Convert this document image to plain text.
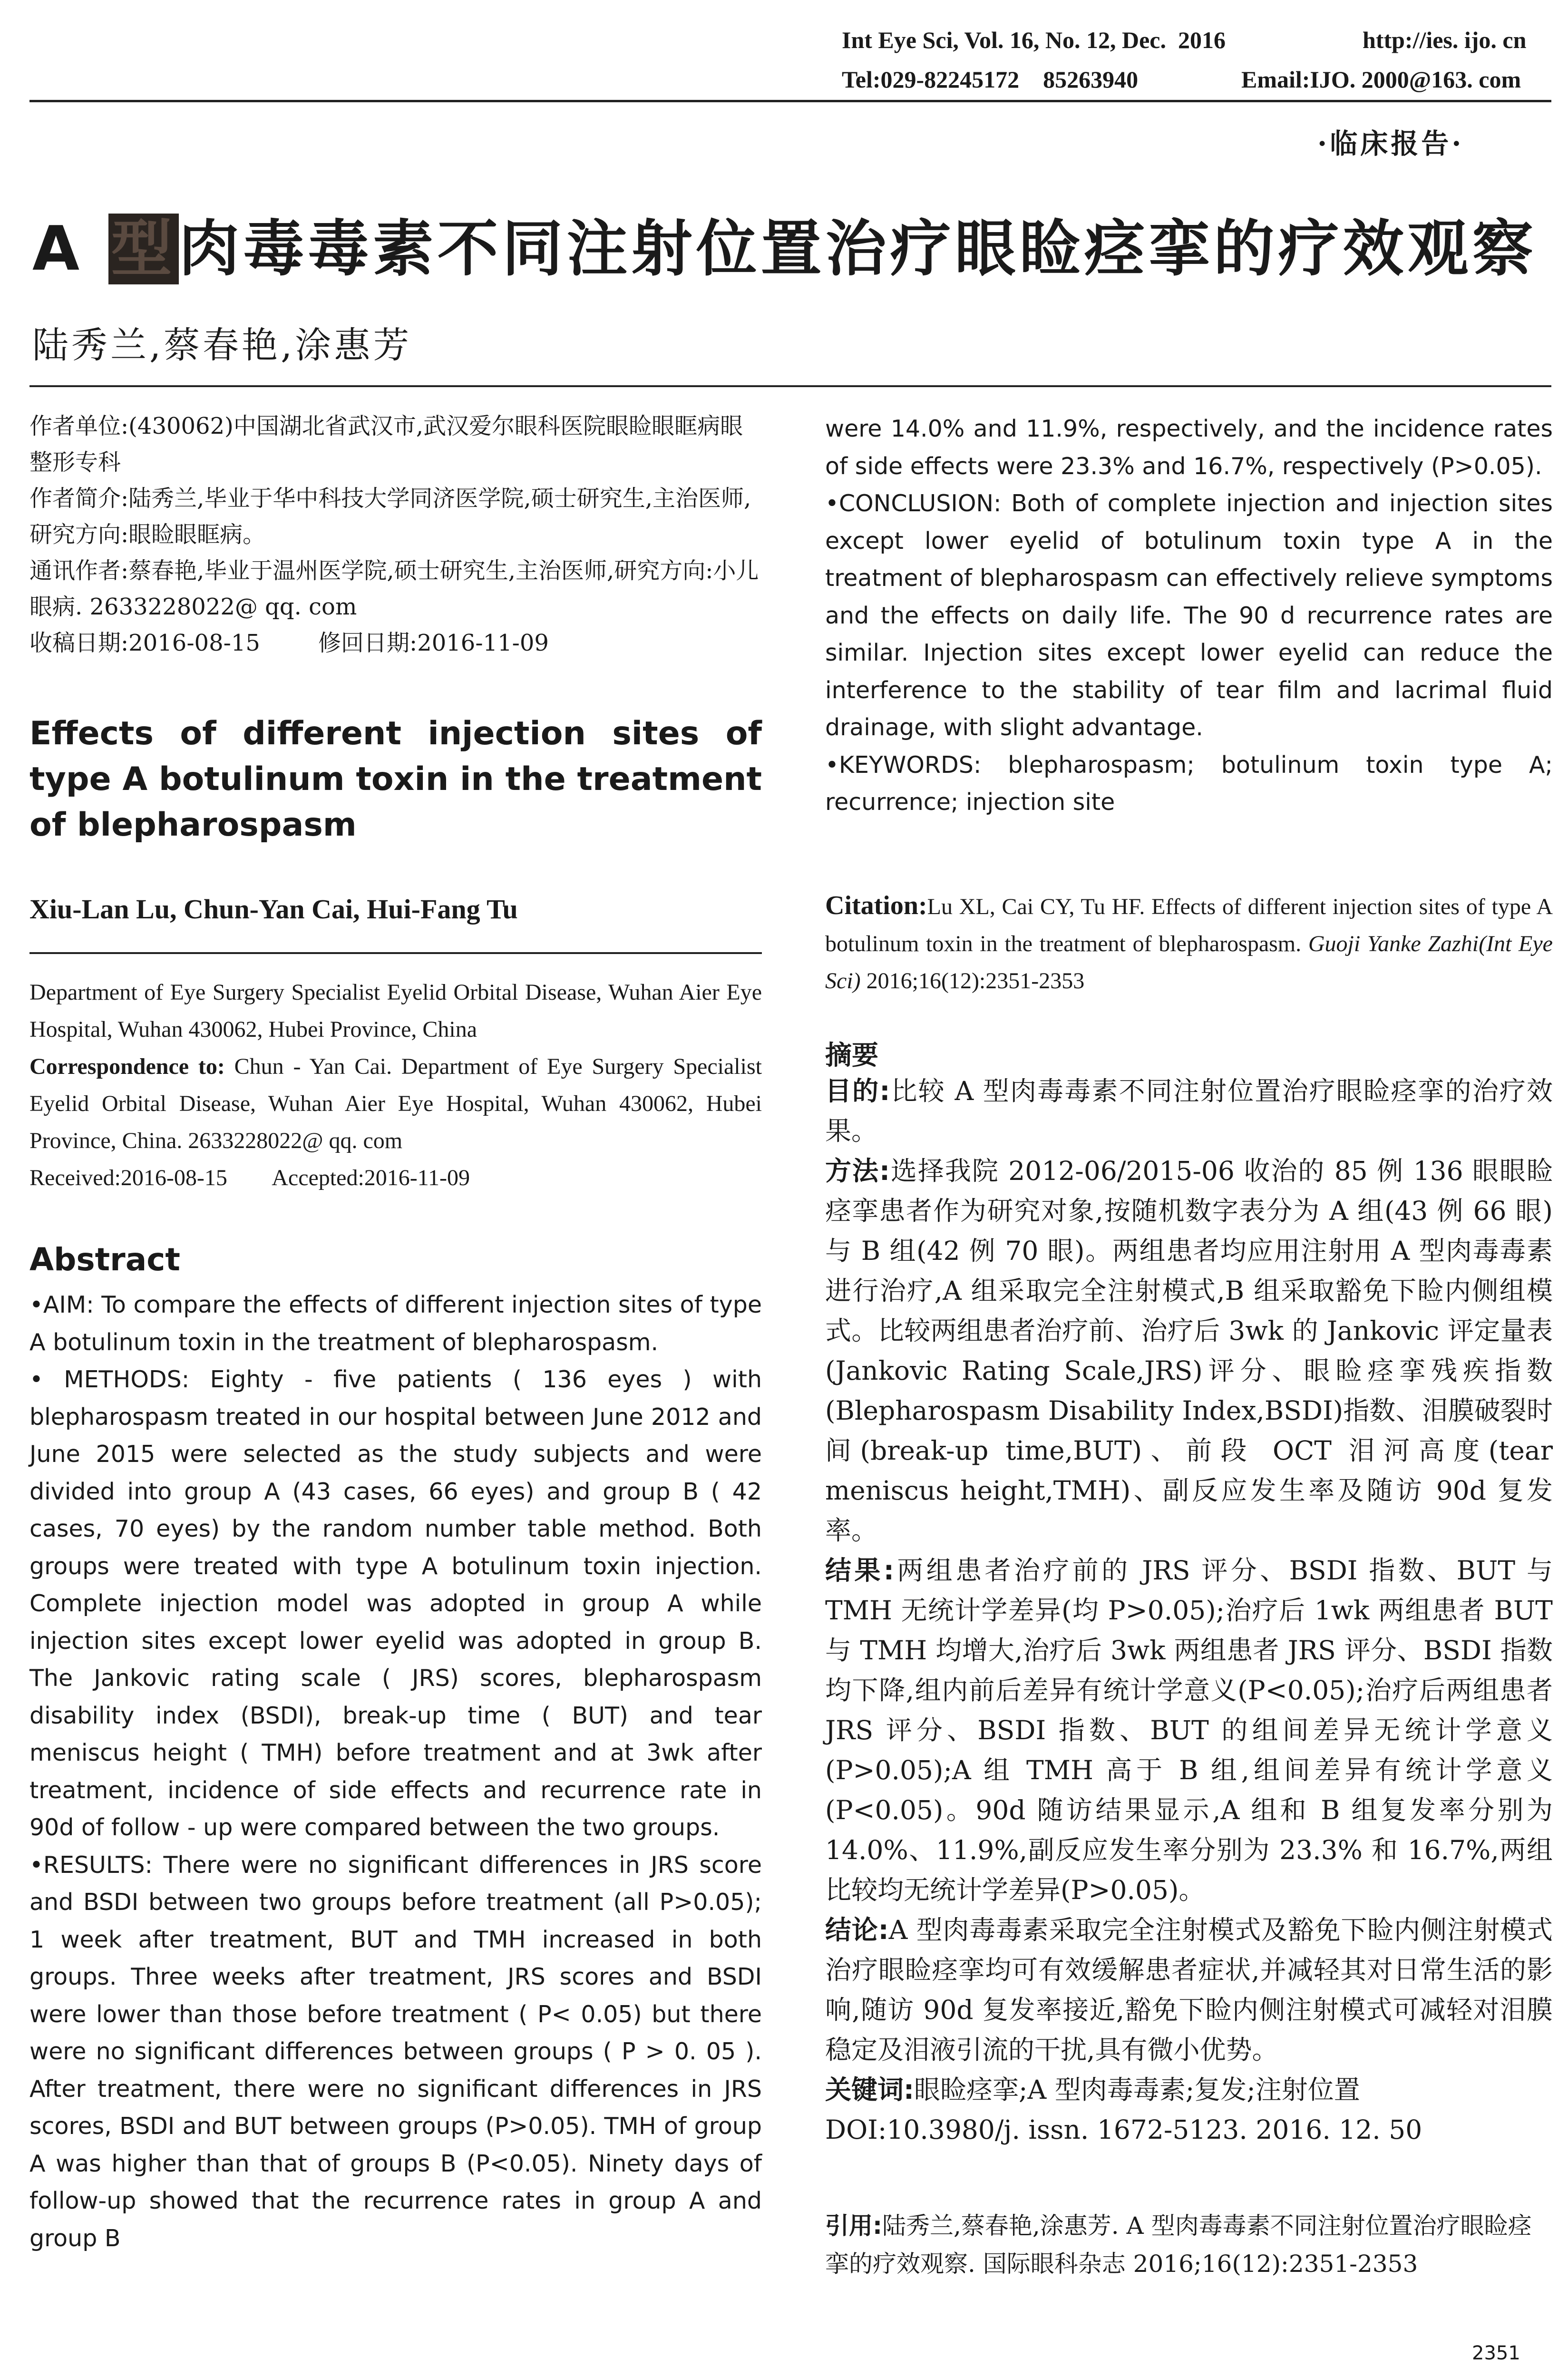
Int Eye Sci, Vol. 16, No. 12, Dec.  2016	http://ies. ijo. cn
Tel:029-82245172    85263940	Email:IJO. 2000@163. com
·临床报告·
A 型肉毒毒素不同注射位置治疗眼睑痉挛的疗效观察
陆秀兰,蔡春艳,涂惠芳
作者单位:(430062)中国湖北省武汉市,武汉爱尔眼科医院眼睑眼眶病眼整形专科
作者简介:陆秀兰,毕业于华中科技大学同济医学院,硕士研究生,主治医师,研究方向:眼睑眼眶病。
通讯作者:蔡春艳,毕业于温州医学院,硕士研究生,主治医师,研究方向:小儿眼病. 2633228022@ qq. com
收稿日期:2016-08-15        修回日期:2016-11-09
Effects of different injection sites of type A botulinum toxin in the treatment of blepharospasm
Xiu-Lan Lu, Chun-Yan Cai, Hui-Fang Tu
Department of Eye Surgery Specialist Eyelid Orbital Disease, Wuhan Aier Eye Hospital, Wuhan 430062, Hubei Province, China
Correspondence to: Chun - Yan Cai. Department of Eye Surgery Specialist Eyelid Orbital Disease, Wuhan Aier Eye Hospital, Wuhan 430062, Hubei Province, China. 2633228022@ qq. com
Received:2016-08-15        Accepted:2016-11-09
Abstract

•AIM: To compare the effects of different injection sites of type A botulinum toxin in the treatment of blepharospasm.

• METHODS: Eighty - five patients ( 136 eyes ) with blepharospasm treated in our hospital between June 2012 and June 2015 were selected as the study subjects and were divided into group A (43 cases, 66 eyes) and group B ( 42 cases, 70 eyes) by the random number table method. Both groups were treated with type A botulinum toxin injection. Complete injection model was adopted in group A while injection sites except lower eyelid was adopted in group B. The Jankovic rating scale ( JRS) scores, blepharospasm disability index (BSDI), break-up time ( BUT) and tear meniscus height ( TMH) before treatment and at 3wk after treatment, incidence of side effects and recurrence rate in 90d of follow - up were compared between the two groups.

•RESULTS: There were no significant differences in JRS score and BSDI between two groups before treatment (all P>0.05); 1 week after treatment, BUT and TMH increased in both groups. Three weeks after treatment, JRS scores and BSDI were lower than those before treatment ( P< 0.05) but there were no significant differences between groups ( P > 0. 05 ). After treatment, there were no significant differences in JRS scores, BSDI and BUT between groups (P>0.05). TMH of group A was higher than that of groups B (P<0.05). Ninety days of follow-up showed that the recurrence rates in group A and group B

were 14.0% and 11.9%, respectively, and the incidence rates of side effects were 23.3% and 16.7%, respectively (P>0.05).

•CONCLUSION: Both of complete injection and injection sites except lower eyelid of botulinum toxin type A in the treatment of blepharospasm can effectively relieve symptoms and the effects on daily life. The 90 d recurrence rates are similar. Injection sites except lower eyelid can reduce the interference to the stability of tear film and lacrimal fluid drainage, with slight advantage.

•KEYWORDS: blepharospasm; botulinum toxin type A; recurrence; injection site

Citation:Lu XL, Cai CY, Tu HF. Effects of different injection sites of type A botulinum toxin in the treatment of blepharospasm. Guoji Yanke Zazhi(Int Eye Sci) 2016;16(12):2351-2353
摘要

目的:比较 A 型肉毒毒素不同注射位置治疗眼睑痉挛的治疗效果。

方法:选择我院 2012-06/2015-06 收治的 85 例 136 眼眼睑痉挛患者作为研究对象,按随机数字表分为 A 组(43 例 66 眼)与 B 组(42 例 70 眼)。两组患者均应用注射用 A 型肉毒毒素进行治疗,A 组采取完全注射模式,B 组采取豁免下睑内侧组模式。比较两组患者治疗前、治疗后 3wk 的 Jankovic 评定量表(Jankovic Rating Scale,JRS)评分、眼睑痉挛残疾指数(Blepharospasm Disability Index,BSDI)指数、泪膜破裂时间(break-up time,BUT)、前段 OCT 泪河高度(tear meniscus height,TMH)、副反应发生率及随访 90d 复发率。

结果:两组患者治疗前的 JRS 评分、BSDI 指数、BUT 与 TMH 无统计学差异(均 P>0.05);治疗后 1wk 两组患者 BUT 与 TMH 均增大,治疗后 3wk 两组患者 JRS 评分、BSDI 指数均下降,组内前后差异有统计学意义(P<0.05);治疗后两组患者 JRS 评分、BSDI 指数、BUT 的组间差异无统计学意义(P>0.05);A 组 TMH 高于 B 组,组间差异有统计学意义(P<0.05)。90d 随访结果显示,A 组和 B 组复发率分别为 14.0%、11.9%,副反应发生率分别为 23.3% 和 16.7%,两组比较均无统计学差异(P>0.05)。

结论:A 型肉毒毒素采取完全注射模式及豁免下睑内侧注射模式治疗眼睑痉挛均可有效缓解患者症状,并减轻其对日常生活的影响,随访 90d 复发率接近,豁免下睑内侧注射模式可减轻对泪膜稳定及泪液引流的干扰,具有微小优势。

关键词:眼睑痉挛;A 型肉毒毒素;复发;注射位置

DOI:10.3980/j. issn. 1672-5123. 2016. 12. 50

引用:陆秀兰,蔡春艳,涂惠芳. A 型肉毒毒素不同注射位置治疗眼睑痉挛的疗效观察. 国际眼科杂志 2016;16(12):2351-2353
2351
